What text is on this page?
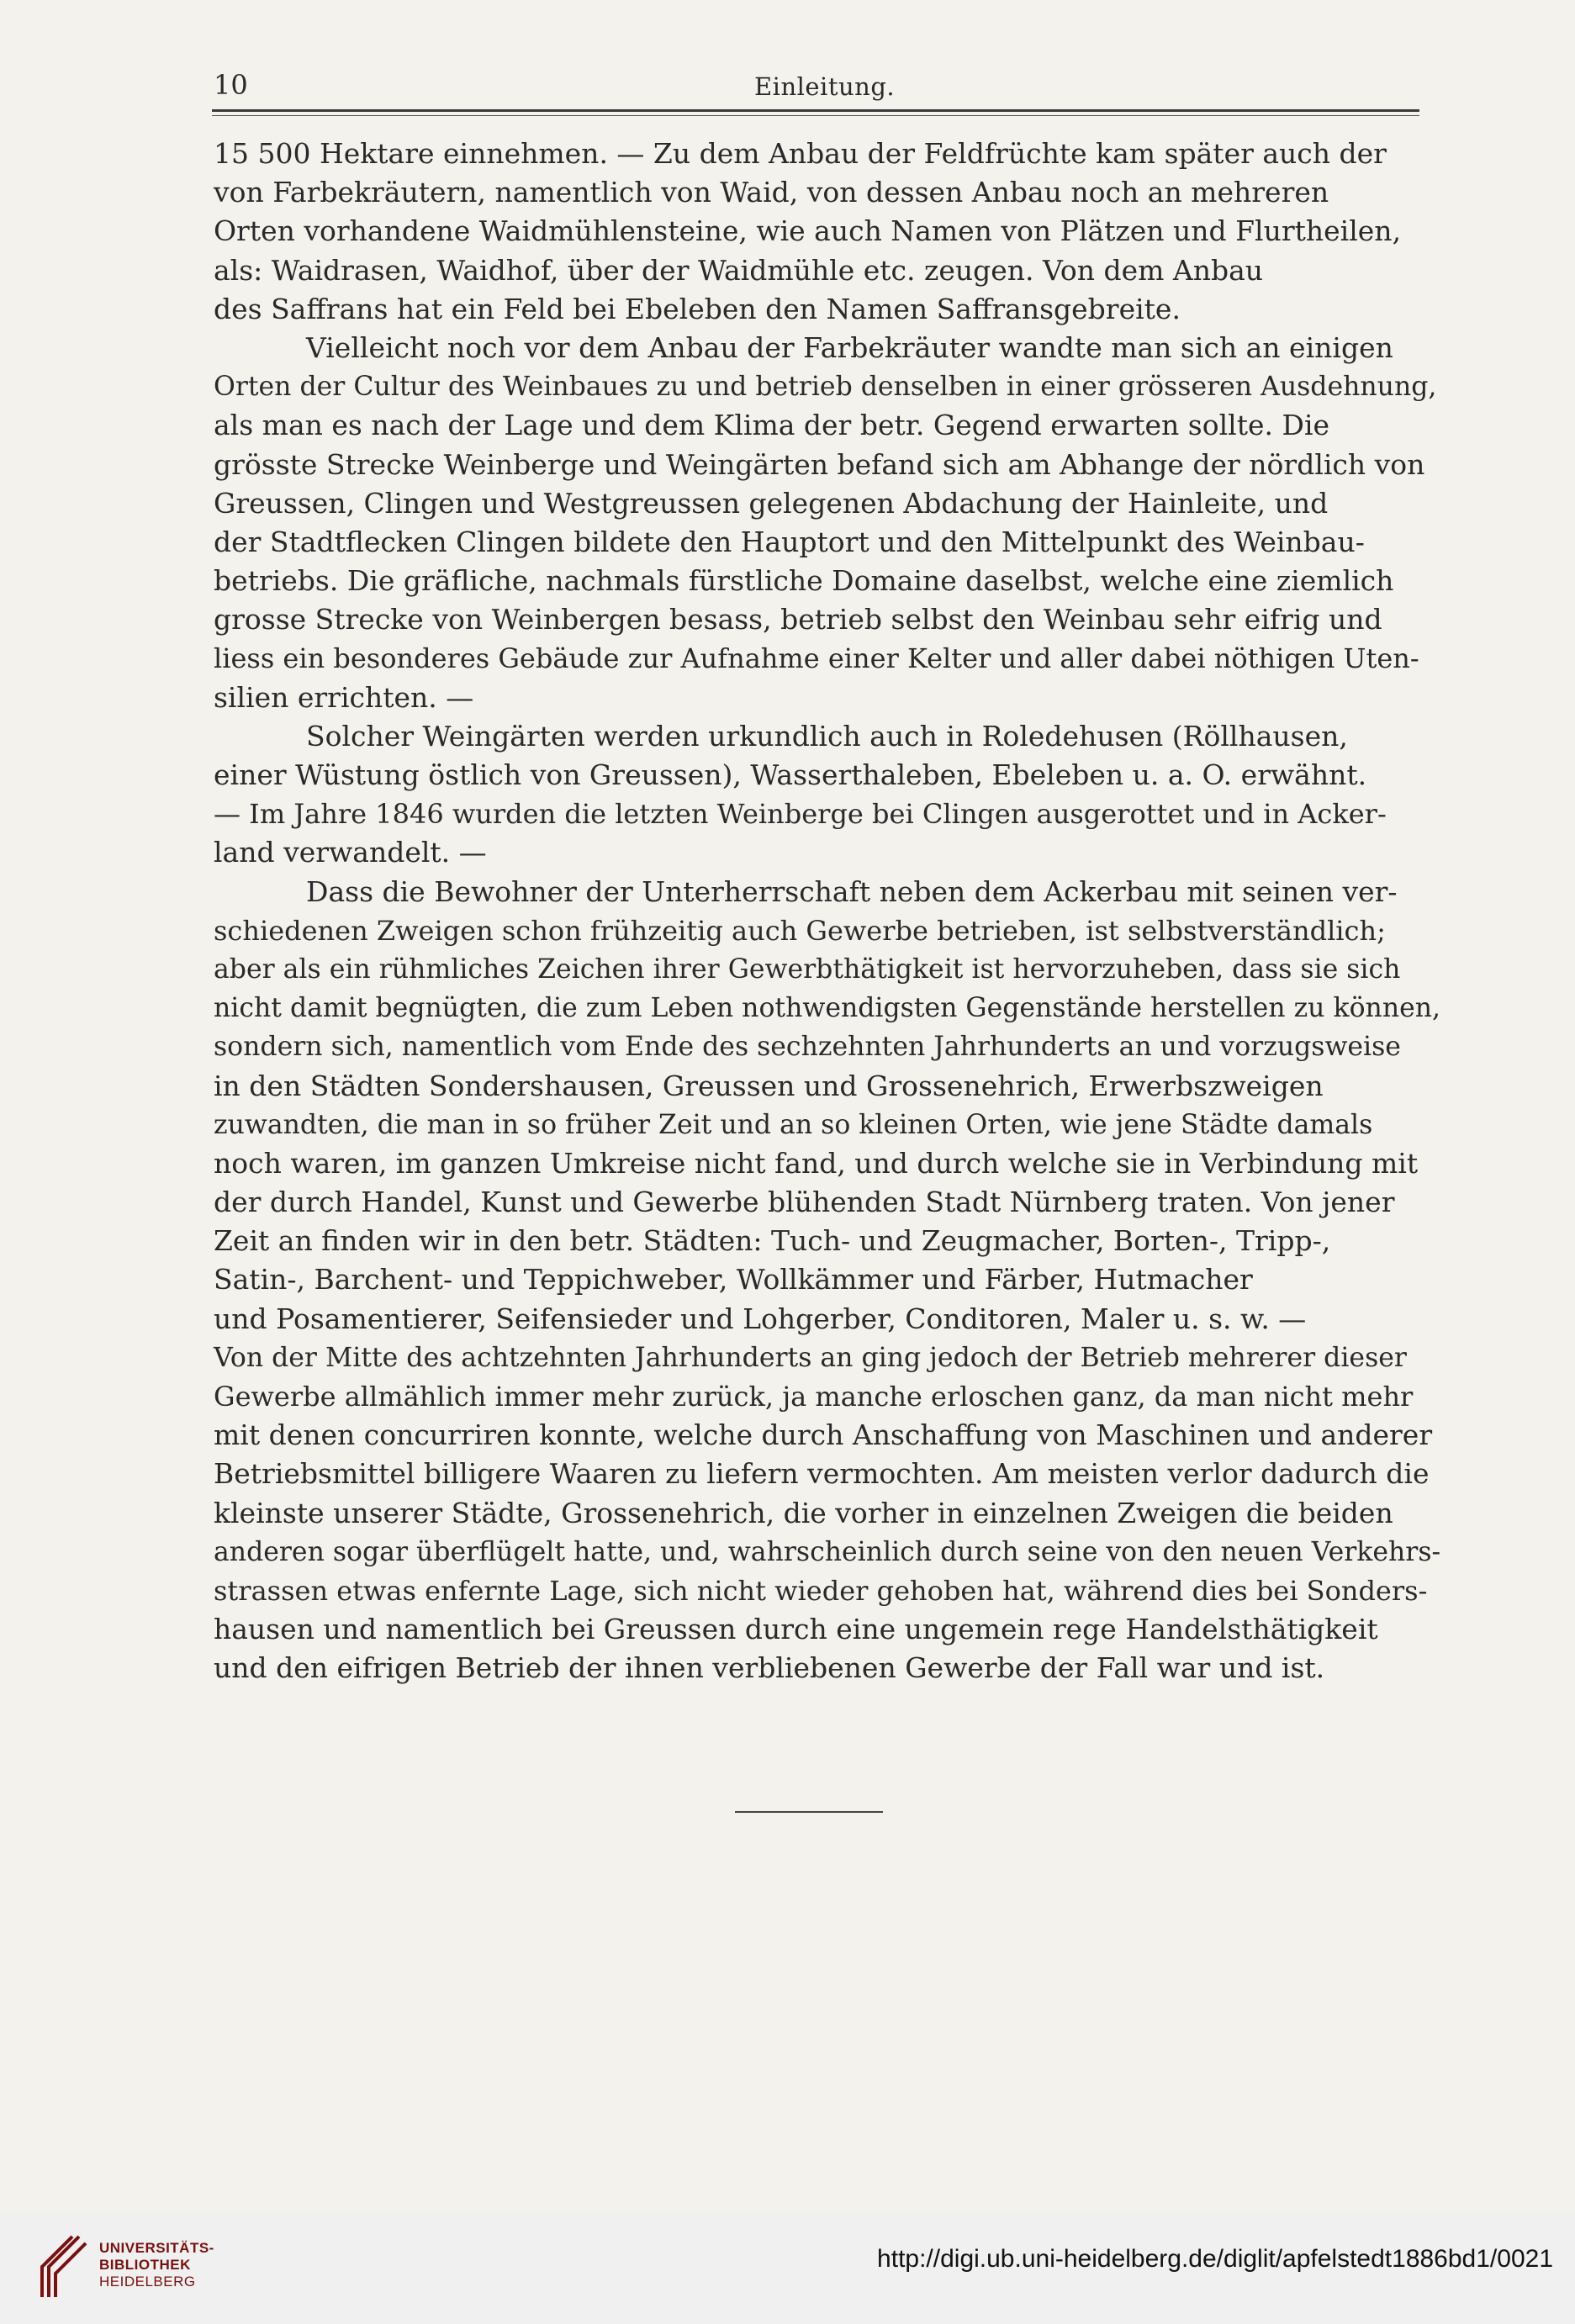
10	Einleitung.
15 500 Hektare einnehmen. — Zu dem Anbau der Feldfrüchte kam später auch der
von Farbekräutern, namentlich von Waid, von dessen Anbau noch an mehreren
Orten vorhandene Waidmühlensteine, wie auch Namen von Plätzen und Flurtheilen,
als: Waidrasen, Waidhof, über der Waidmühle etc. zeugen. Von dem Anbau
des Saffrans hat ein Feld bei Ebeleben den Namen Saffransgebreite.
Vielleicht noch vor dem Anbau der Farbekräuter wandte man sich an einigen
Orten der Cultur des Weinbaues zu und betrieb denselben in einer grösseren Ausdehnung,
als man es nach der Lage und dem Klima der betr. Gegend erwarten sollte. Die
grösste Strecke Weinberge und Weingärten befand sich am Abhange der nördlich von
Greussen, Clingen und Westgreussen gelegenen Abdachung der Hainleite, und
der Stadtflecken Clingen bildete den Hauptort und den Mittelpunkt des Weinbau-
betriebs. Die gräfliche, nachmals fürstliche Domaine daselbst, welche eine ziemlich
grosse Strecke von Weinbergen besass, betrieb selbst den Weinbau sehr eifrig und
liess ein besonderes Gebäude zur Aufnahme einer Kelter und aller dabei nöthigen Uten-
silien errichten. —
Solcher Weingärten werden urkundlich auch in Roledehusen (Röllhausen,
einer Wüstung östlich von Greussen), Wasserthaleben, Ebeleben u. a. O. erwähnt.
— Im Jahre 1846 wurden die letzten Weinberge bei Clingen ausgerottet und in Acker-
land verwandelt. —
Dass die Bewohner der Unterherrschaft neben dem Ackerbau mit seinen ver-
schiedenen Zweigen schon frühzeitig auch Gewerbe betrieben, ist selbstverständlich;
aber als ein rühmliches Zeichen ihrer Gewerbthätigkeit ist hervorzuheben, dass sie sich
nicht damit begnügten, die zum Leben nothwendigsten Gegenstände herstellen zu können,
sondern sich, namentlich vom Ende des sechzehnten Jahrhunderts an und vorzugsweise
in den Städten Sondershausen, Greussen und Grossenehrich, Erwerbszweigen
zuwandten, die man in so früher Zeit und an so kleinen Orten, wie jene Städte damals
noch waren, im ganzen Umkreise nicht fand, und durch welche sie in Verbindung mit
der durch Handel, Kunst und Gewerbe blühenden Stadt Nürnberg traten. Von jener
Zeit an finden wir in den betr. Städten: Tuch- und Zeugmacher, Borten-, Tripp-,
Satin-, Barchent- und Teppichweber, Wollkämmer und Färber, Hutmacher
und Posamentierer, Seifensieder und Lohgerber, Conditoren, Maler u. s. w. —
Von der Mitte des achtzehnten Jahrhunderts an ging jedoch der Betrieb mehrerer dieser
Gewerbe allmählich immer mehr zurück, ja manche erloschen ganz, da man nicht mehr
mit denen concurriren konnte, welche durch Anschaffung von Maschinen und anderer
Betriebsmittel billigere Waaren zu liefern vermochten. Am meisten verlor dadurch die
kleinste unserer Städte, Grossenehrich, die vorher in einzelnen Zweigen die beiden
anderen sogar überflügelt hatte, und, wahrscheinlich durch seine von den neuen Verkehrs-
strassen etwas enfernte Lage, sich nicht wieder gehoben hat, während dies bei Sonders-
hausen und namentlich bei Greussen durch eine ungemein rege Handelsthätigkeit
und den eifrigen Betrieb der ihnen verbliebenen Gewerbe der Fall war und ist.
UNIVERSITÄTS-
BIBLIOTHEK
HEIDELBERG
http://digi.ub.uni-heidelberg.de/diglit/apfelstedt1886bd1/0021
